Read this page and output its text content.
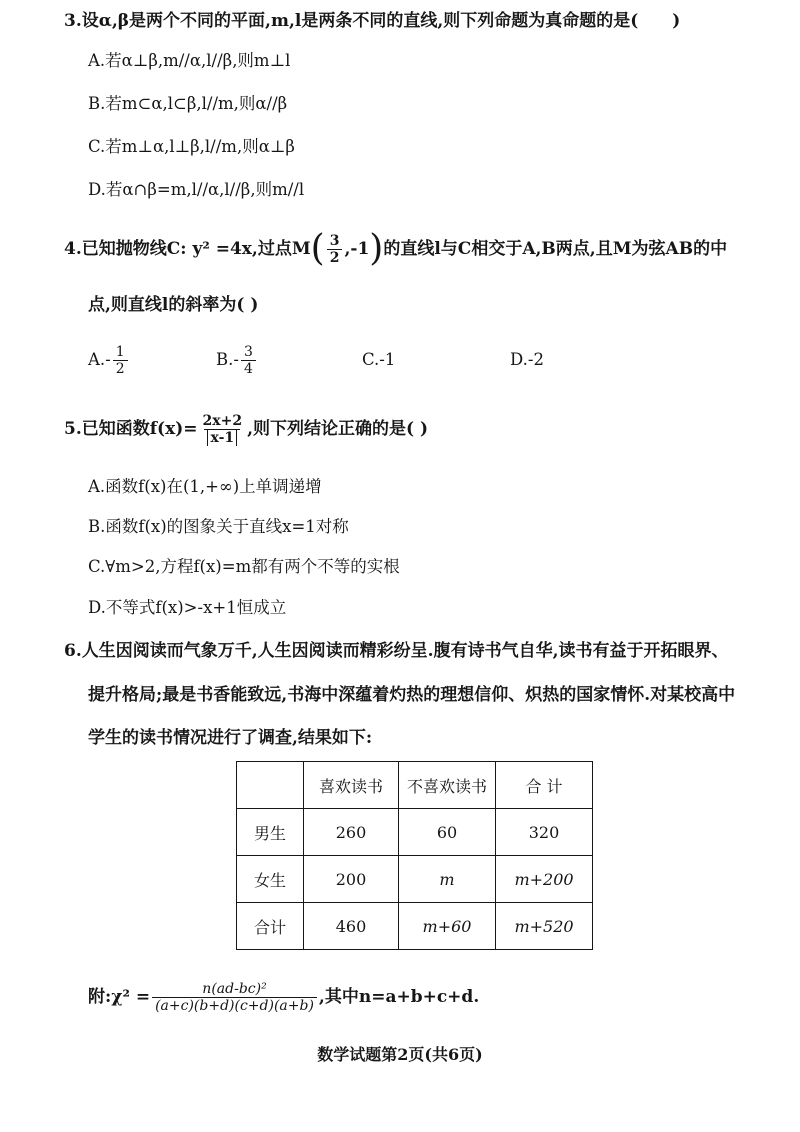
3.设α,β是两个不同的平面,m,l是两条不同的直线,则下列命题为真命题的是( )
A.若α⊥β,m//α,l//β,则m⊥l
B.若m⊂α,l⊂β,l//m,则α//β
C.若m⊥α,l⊥β,l//m,则α⊥β
D.若α∩β=m,l//α,l//β,则m//l
4.已知抛物线C: y² =4x,过点M ( $\frac{3}{2} ,-1$ ) 的直线l与C相交于A,B两点,且M为弦AB的中
点,则直线l的斜率为( )
$A.- \frac{1}{2}$	$B.- \frac{3}{4}$	C.-1	D.-2
5.已知函数$f(x)= \frac{2x+2}{x-1}$ ,则下列结论正确的是( )
A.函数f(x)在(1,+∞)上单调递增
B.函数f(x)的图象关于直线x=1对称
C.∀m>2,方程f(x)=m都有两个不等的实根
D.不等式f(x)>-x+1恒成立
6.人生因阅读而气象万千,人生因阅读而精彩纷呈.腹有诗书气自华,读书有益于开拓眼界、
提升格局;最是书香能致远,书海中深蕴着灼热的理想信仰、炽热的国家情怀.对某校高中
学生的读书情况进行了调查,结果如下:
	喜欢读书	不喜欢读书	合 计
男生	260	60	320
女生	200	m	m+200
合计	460	m+60	m+520
附:χ² = $\frac{\text{n(ad-bc)²}}{(a+c)(b+d)(c+d)(a+b)}$ ,其中n=a+b+c+d.
数学试题第2页(共6页)
